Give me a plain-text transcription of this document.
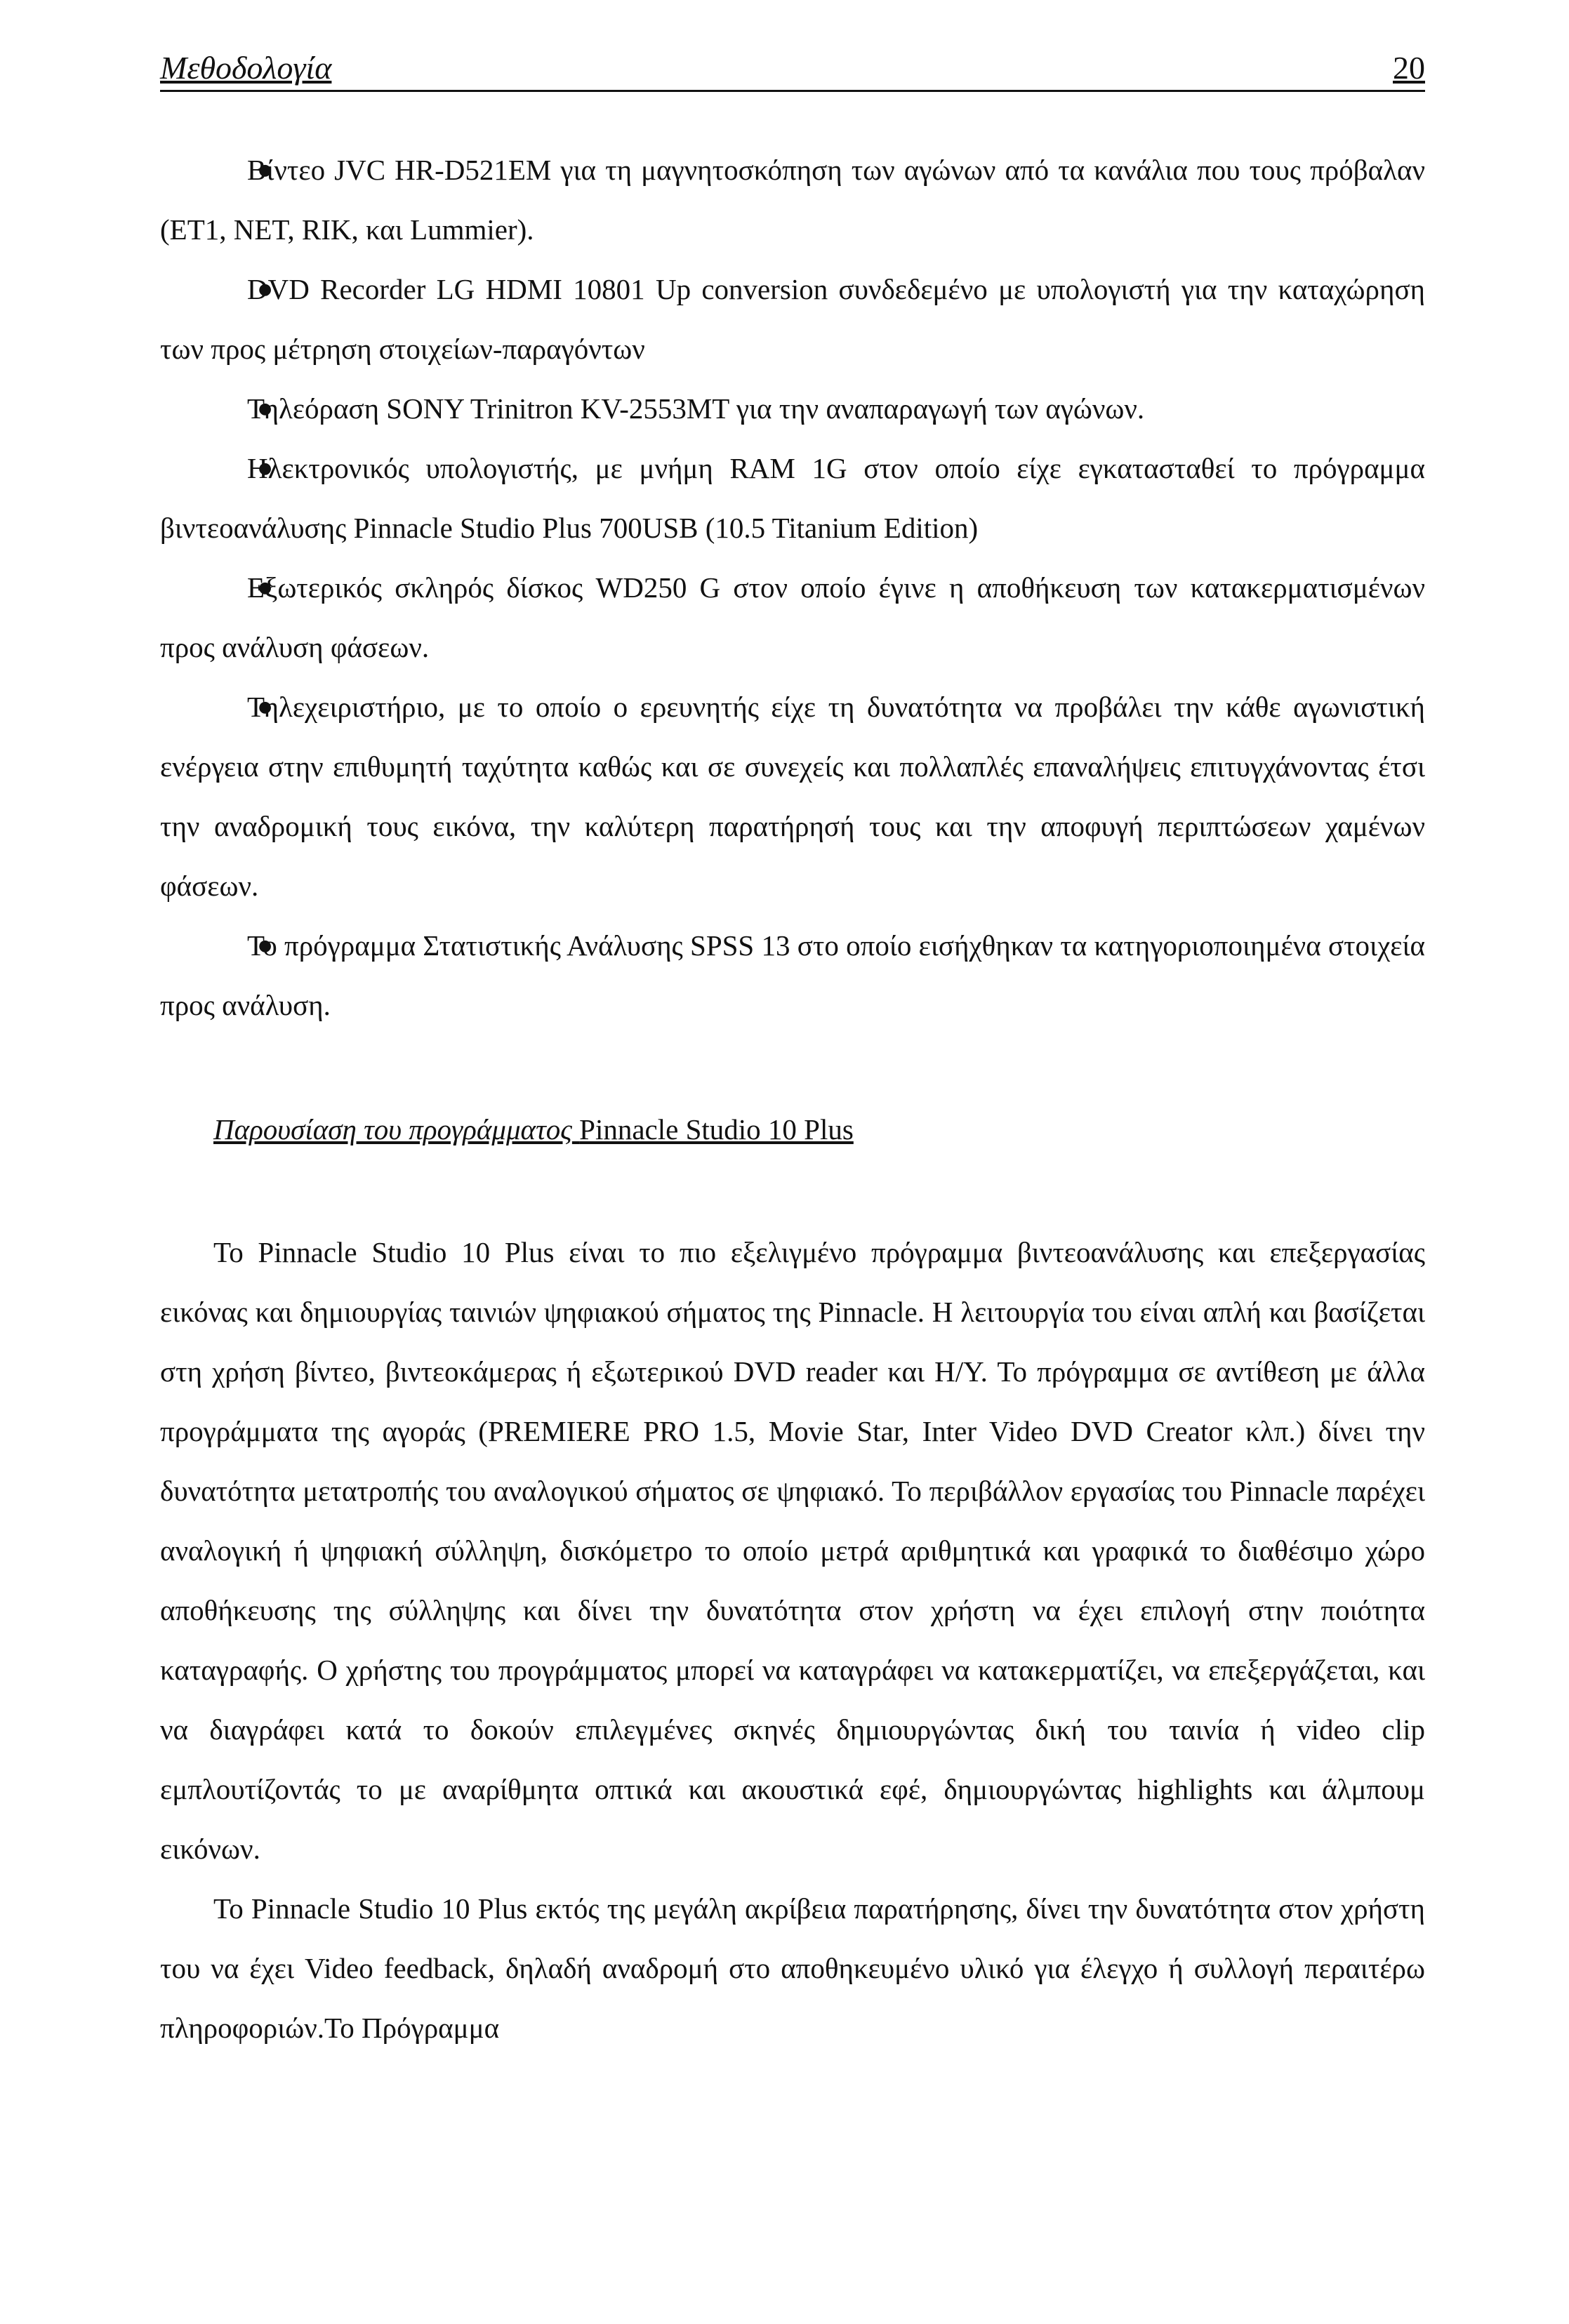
Μεθοδολογία	20
● Βίντεο JVC HR-D521EM για τη μαγνητοσκόπηση των αγώνων από τα κανάλια που τους πρόβαλαν (ΕΤ1, ΝΕΤ, RIK, και Lummier).
● DVD Recorder LG HDMI 10801 Up conversion συνδεδεμένο με υπολογιστή για την καταχώρηση των προς μέτρηση στοιχείων-παραγόντων
● Τηλεόραση SONY Trinitron KV-2553MT για την αναπαραγωγή των αγώνων.
● Ηλεκτρονικός υπολογιστής, με μνήμη RAM 1G στον οποίο είχε εγκατασταθεί το πρόγραμμα βιντεοανάλυσης Pinnacle Studio Plus 700USB (10.5 Titanium Edition)
● Εξωτερικός σκληρός δίσκος WD250 G στον οποίο έγινε η αποθήκευση των κατακερματισμένων προς ανάλυση φάσεων.
● Τηλεχειριστήριο, με το οποίο ο ερευνητής είχε τη δυνατότητα να προβάλει την κάθε αγωνιστική ενέργεια στην επιθυμητή ταχύτητα καθώς και σε συνεχείς και πολλαπλές επαναλήψεις επιτυγχάνοντας έτσι την αναδρομική τους εικόνα, την καλύτερη παρατήρησή τους και την αποφυγή περιπτώσεων χαμένων φάσεων.
● Το πρόγραμμα Στατιστικής Ανάλυσης SPSS 13 στο οποίο εισήχθηκαν τα κατηγοριοποιημένα στοιχεία προς ανάλυση.
Παρουσίαση του προγράμματος Pinnacle Studio 10 Plus

Το Pinnacle Studio 10 Plus είναι το πιο εξελιγμένο πρόγραμμα βιντεοανάλυσης και επεξεργασίας εικόνας και δημιουργίας ταινιών ψηφιακού σήματος της Pinnacle. Η λειτουργία του είναι απλή και βασίζεται στη χρήση βίντεο, βιντεοκάμερας ή εξωτερικού DVD reader και Η/Υ. Το πρόγραμμα σε αντίθεση με άλλα προγράμματα της αγοράς (PREMIERE PRO 1.5, Movie Star, Inter Video DVD Creator κλπ.) δίνει την δυνατότητα μετατροπής του αναλογικού σήματος σε ψηφιακό. Το περιβάλλον εργασίας του Pinnacle παρέχει αναλογική ή ψηφιακή σύλληψη, δισκόμετρο το οποίο μετρά αριθμητικά και γραφικά το διαθέσιμο χώρο αποθήκευσης της σύλληψης και δίνει την δυνατότητα στον χρήστη να έχει επιλογή στην ποιότητα καταγραφής. Ο χρήστης του προγράμματος μπορεί να καταγράφει να κατακερματίζει, να επεξεργάζεται, και να διαγράφει κατά το δοκούν επιλεγμένες σκηνές δημιουργώντας δική του ταινία ή video clip εμπλουτίζοντάς το με αναρίθμητα οπτικά και ακουστικά εφέ, δημιουργώντας highlights και άλμπουμ εικόνων.

Το Pinnacle Studio 10 Plus εκτός της μεγάλη ακρίβεια παρατήρησης, δίνει την δυνατότητα στον χρήστη του να έχει Video feedback, δηλαδή αναδρομή στο αποθηκευμένο υλικό για έλεγχο ή συλλογή περαιτέρω πληροφοριών.Το Πρόγραμμα
